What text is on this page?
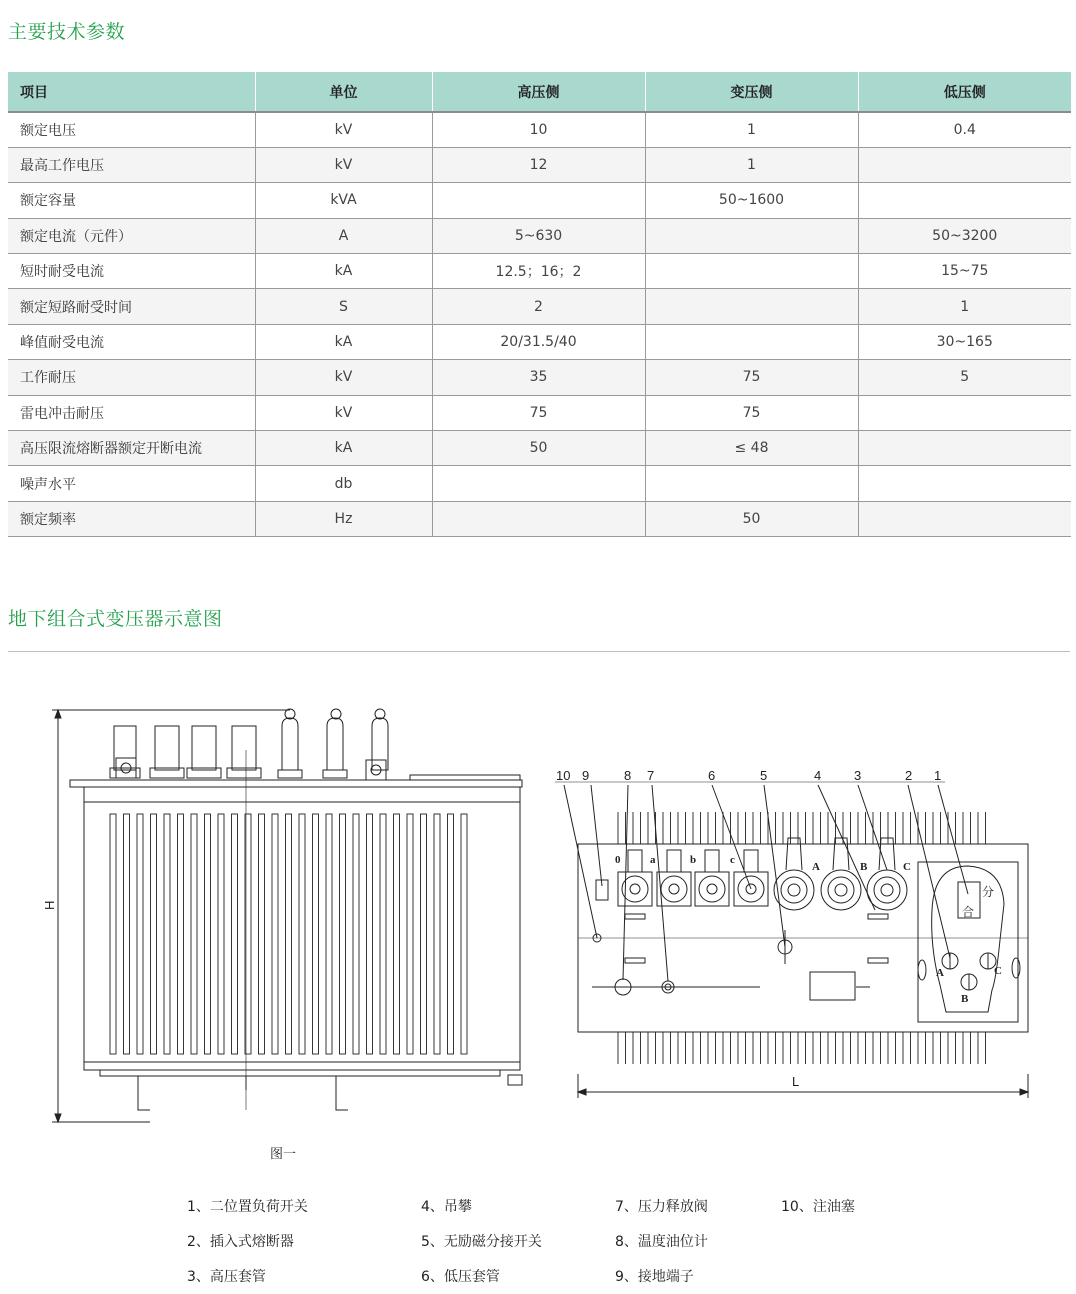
主要技术参数
项目	单位	高压侧	变压侧	低压侧
额定电压	kV	10	1	0.4
最高工作电压	kV	12	1	
额定容量	kVA		50~1600	
额定电流（元件）	A	5~630		50~3200
短时耐受电流	kA	12.5；16；2		15~75
额定短路耐受时间	S	2		1
峰值耐受电流	kA	20/31.5/40		30~165
工作耐压	kV	35	75	5
雷电冲击耐压	kV	75	75	
高压限流熔断器额定开断电流	kA	50	≤ 48	
噪声水平	db			
额定频率	Hz		50	
地下组合式变压器示意图
H
L
10 9	8 7	6	5	4	3	2 1
0	a	b	c
A	B	C
A
B
C
分
合
图一
1、二位置负荷开关
2、插入式熔断器
3、高压套管
4、吊攀
5、无励磁分接开关
6、低压套管
7、压力释放阀
8、温度油位计
9、接地端子
10、注油塞
